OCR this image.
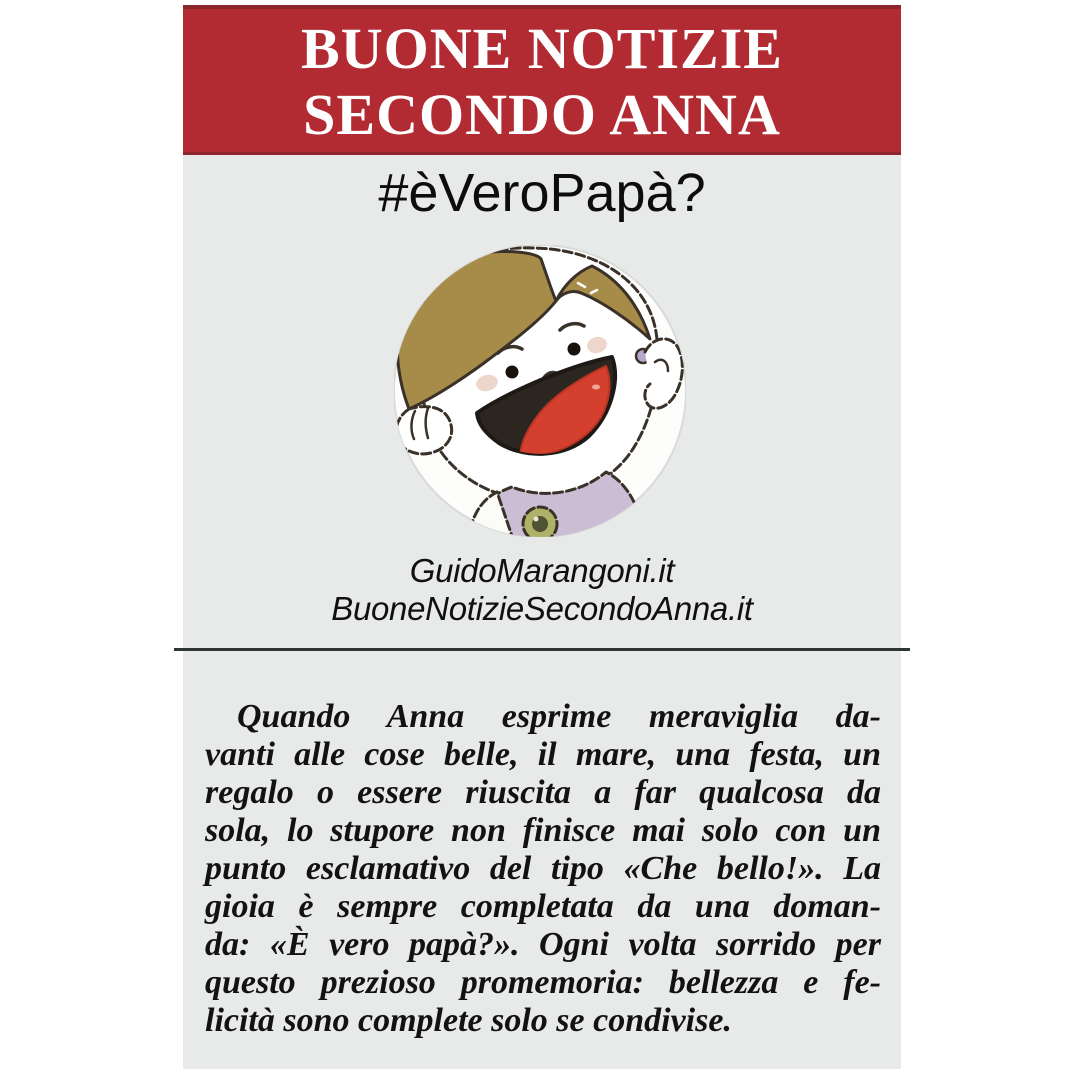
BUONE NOTIZIE
SECONDO ANNA
#èVeroPapà?
GuidoMarangoni.it
BuoneNotizieSecondoAnna.it
Quando Anna esprime meraviglia da-
vanti alle cose belle, il mare, una festa, un
regalo o essere riuscita a far qualcosa da
sola, lo stupore non finisce mai solo con un
punto esclamativo del tipo «Che bello!». La
gioia è sempre completata da una doman-
da: «È vero papà?». Ogni volta sorrido per
questo prezioso promemoria: bellezza e fe-
licità sono complete solo se condivise.
